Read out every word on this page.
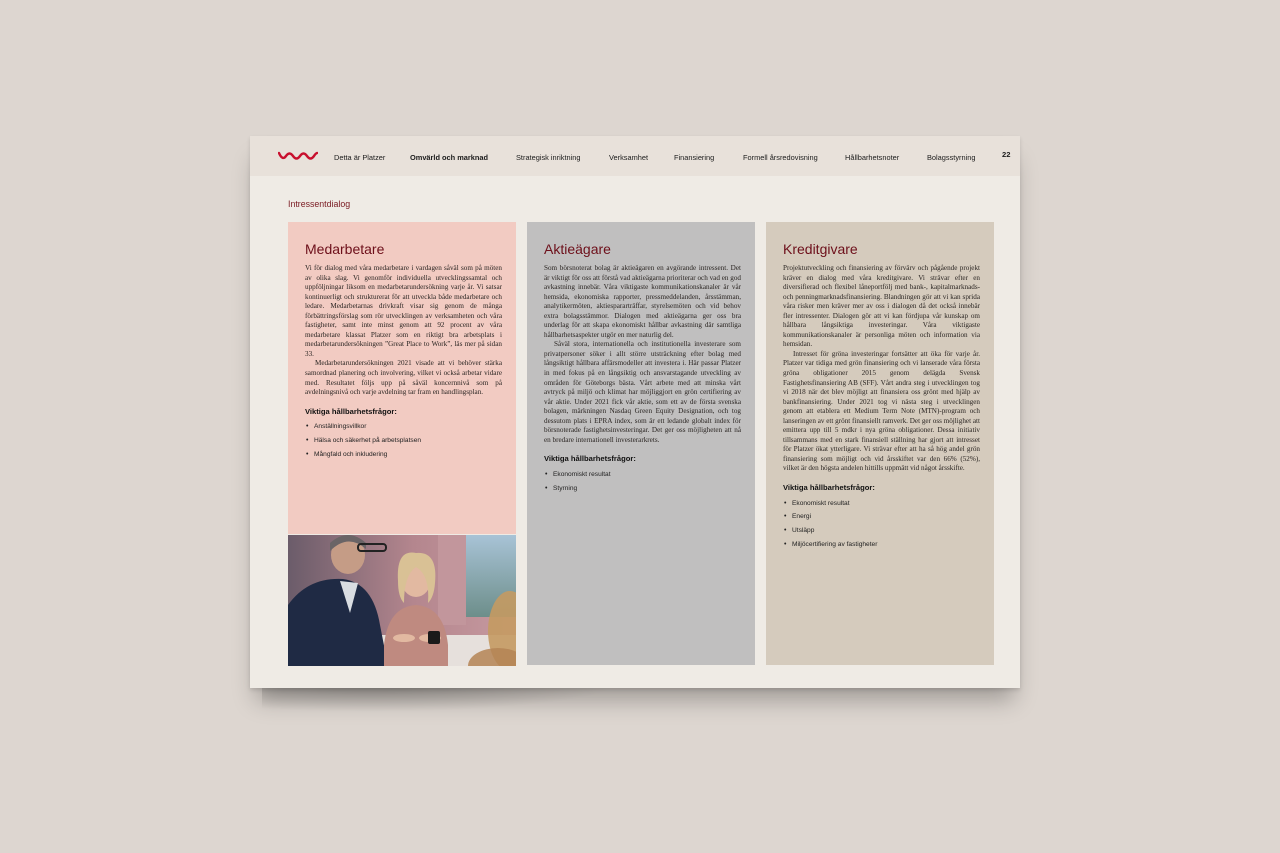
Detta är Platzer	Omvärld och marknad	Strategisk inriktning	Verksamhet	Finansiering	Formell årsredovisning	Hållbarhetsnoter	Bolagsstyrning	22
Intressentdialog
Medarbetare

Vi för dialog med våra medarbetare i vardagen såväl som på möten av olika slag. Vi genomför individuella utvecklingssamtal och uppföljningar liksom en medarbetarundersökning varje år. Vi satsar kontinuerligt och strukturerat för att utveckla både medarbetare och ledare. Medarbetarnas drivkraft visar sig genom de många förbättringsförslag som rör utvecklingen av verksamheten och våra fastigheter, samt inte minst genom att 92 procent av våra medarbetare klassat Platzer som en riktigt bra arbetsplats i medarbetarundersökningen ”Great Place to Work”, läs mer på sidan 33.

Medarbetarundersökningen 2021 visade att vi behöver stärka samordnad planering och involvering, vilket vi också arbetar vidare med. Resultatet följs upp på såväl koncernnivå som på avdelningsnivå och varje avdelning tar fram en handlingsplan.

Viktiga hållbarhetsfrågor:
• Anställningsvillkor
• Hälsa och säkerhet på arbetsplatsen
• Mångfald och inkludering
Aktieägare

Som börsnoterat bolag är aktieägaren en avgörande intressent. Det är viktigt för oss att förstå vad aktieägarna prioriterar och vad en god avkastning innebär. Våra viktigaste kommunikationskanaler är vår hemsida, ekonomiska rapporter, pressmeddelanden, årsstämman, analytikermöten, aktiespararträffar, styrelsemöten och vid behov extra bolagsstämmor. Dialogen med aktieägarna ger oss bra underlag för att skapa ekonomiskt hållbar avkastning där samtliga hållbarhetsaspekter utgör en mer naturlig del.

Såväl stora, internationella och institutionella investerare som privatpersoner söker i allt större utsträckning efter bolag med långsiktigt hållbara affärsmodeller att investera i. Här passar Platzer in med fokus på en långsiktig och ansvarstagande utveckling av områden för Göteborgs bästa. Vårt arbete med att minska vårt avtryck på miljö och klimat har möjliggjort en grön certifiering av vår aktie. Under 2021 fick vår aktie, som ett av de första svenska bolagen, märkningen Nasdaq Green Equity Designation, och tog dessutom plats i EPRA index, som är ett ledande globalt index för börsnoterade fastighetsinvesteringar. Det ger oss möjligheten att nå en bredare internationell investerarkrets.

Viktiga hållbarhetsfrågor:
• Ekonomiskt resultat
• Styrning
Kreditgivare

Projektutveckling och finansiering av förvärv och pågående projekt kräver en dialog med våra kreditgivare. Vi strävar efter en diversifierad och flexibel låneportfölj med bank-, kapitalmarknads- och penningmarknadsfinansiering. Blandningen gör att vi kan sprida våra risker men kräver mer av oss i dialogen då det också innebär fler intressenter. Dialogen gör att vi kan fördjupa vår kunskap om hållbara långsiktiga investeringar. Våra viktigaste kommunikationskanaler är personliga möten och information via hemsidan.

Intresset för gröna investeringar fortsätter att öka för varje år. Platzer var tidiga med grön finansiering och vi lanserade våra första gröna obligationer 2015 genom delägda Svensk Fastighetsfinansiering AB (SFF). Vårt andra steg i utvecklingen tog vi 2018 när det blev möjligt att finansiera oss grönt med hjälp av bankfinansiering. Under 2021 tog vi nästa steg i utvecklingen genom att etablera ett Medium Term Note (MTN)-program och lanseringen av ett grönt finansiellt ramverk. Det ger oss möjlighet att emittera upp till 5 mdkr i nya gröna obligationer. Dessa initiativ tillsammans med en stark finansiell ställning har gjort att intresset för Platzer ökat ytterligare. Vi strävar efter att ha så hög andel grön finansiering som möjligt och vid årsskiftet var den 66% (52%), vilket är den högsta andelen hittills uppmätt vid något årsskifte.

Viktiga hållbarhetsfrågor:
• Ekonomiskt resultat
• Energi
• Utsläpp
• Miljöcertifiering av fastigheter
